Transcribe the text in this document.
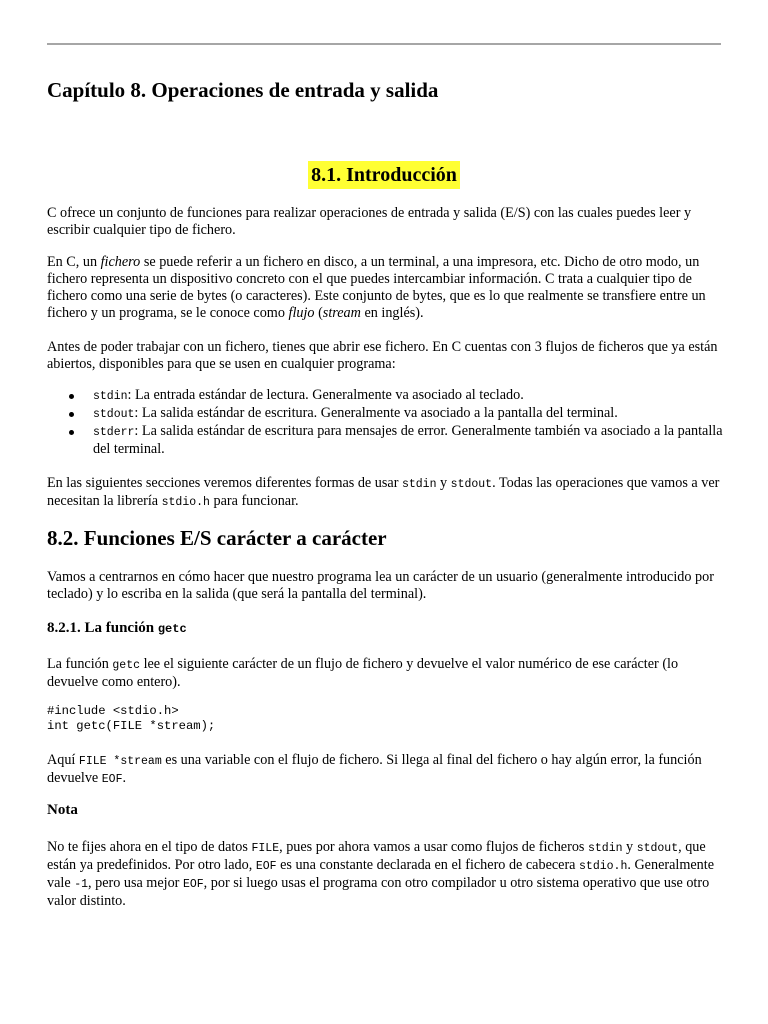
Capítulo 8. Operaciones de entrada y salida
8.1. Introducción

C ofrece un conjunto de funciones para realizar operaciones de entrada y salida (E/S) con las cuales puedes leer y escribir cualquier tipo de fichero.

En C, un fichero se puede referir a un fichero en disco, a un terminal, a una impresora, etc. Dicho de otro modo, un fichero representa un dispositivo concreto con el que puedes intercambiar información. C trata a cualquier tipo de fichero como una serie de bytes (o caracteres). Este conjunto de bytes, que es lo que realmente se transfiere entre un fichero y un programa, se le conoce como flujo (stream en inglés).

Antes de poder trabajar con un fichero, tienes que abrir ese fichero. En C cuentas con 3 flujos de ficheros que ya están abiertos, disponibles para que se usen en cualquier programa:

stdin: La entrada estándar de lectura. Generalmente va asociado al teclado.
stdout: La salida estándar de escritura. Generalmente va asociado a la pantalla del terminal.
stderr: La salida estándar de escritura para mensajes de error. Generalmente también va asociado a la pantalla del terminal.

En las siguientes secciones veremos diferentes formas de usar stdin y stdout. Todas las operaciones que vamos a ver necesitan la librería stdio.h para funcionar.

8.2. Funciones E/S carácter a carácter

Vamos a centrarnos en cómo hacer que nuestro programa lea un carácter de un usuario (generalmente introducido por teclado) y lo escriba en la salida (que será la pantalla del terminal).

8.2.1. La función getc

La función getc lee el siguiente carácter de un flujo de fichero y devuelve el valor numérico de ese carácter (lo devuelve como entero).

#include <stdio.h>
int getc(FILE *stream);

Aquí FILE *stream es una variable con el flujo de fichero. Si llega al final del fichero o hay algún error, la función devuelve EOF.

Nota

No te fijes ahora en el tipo de datos FILE, pues por ahora vamos a usar como flujos de ficheros stdin y stdout, que están ya predefinidos. Por otro lado, EOF es una constante declarada en el fichero de cabecera stdio.h. Generalmente vale -1, pero usa mejor EOF, por si luego usas el programa con otro compilador u otro sistema operativo que use otro valor distinto.
